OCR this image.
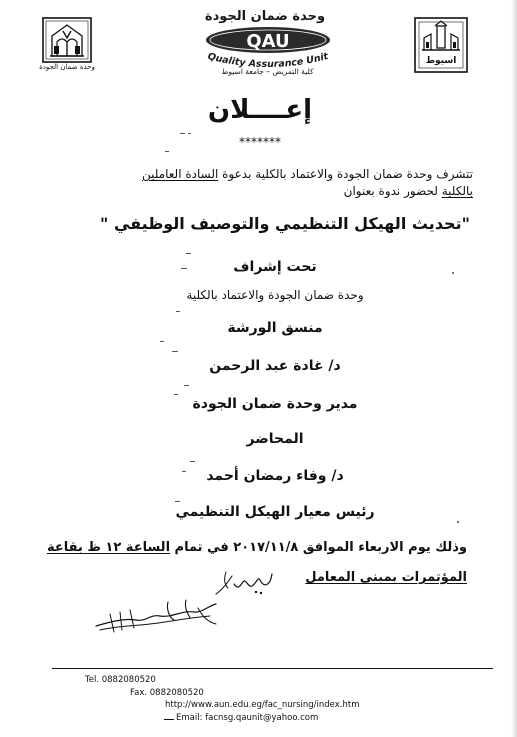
وحدة ضمان الجودة
وحدة ضمان الجودة
QAU
Quality Assurance Unit
كلية التمريض – جامعة اسيوط
اسيوط
إعــــلان
*******
تتشرف وحدة ضمان الجودة والاعتماد بالكلية بدعوة السادة العاملين
بالكلية لحضور ندوة بعنوان
"تحديث الهيكل التنظيمي والتوصيف الوظيفي "
تحت إشراف
وحدة ضمان الجودة والاعتماد بالكلية
منسق الورشة
د/ غادة عبد الرحمن
مدير وحدة ضمان الجودة
المحاضر
د/ وفاء رمضان أحمد
رئيس معيار الهيكل التنظيمي
وذلك يوم الاربعاء الموافق ٢٠١٧/١١/٨ في تمام الساعة ١٢ ظ بقاعة
المؤتمرات بمبنى المعامل
Tel. 0882080520
Fax. 0882080520
http://www.aun.edu.eg/fac_nursing/index.htm
Email: facnsg.qaunit@yahoo.com
